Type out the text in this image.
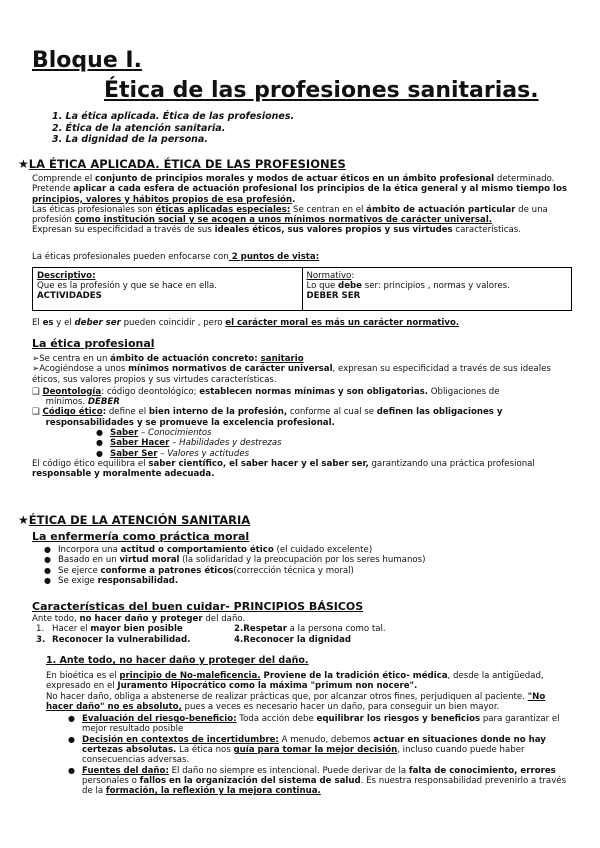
Bloque I.
Ética de las profesiones sanitarias.
1. La ética aplicada. Ética de las profesiones.
2. Ética de la atención sanitaria.
3. La dignidad de la persona.
★LA ÉTICA APLICADA. ÉTICA DE LAS PROFESIONES
Comprende el conjunto de principios morales y modos de actuar éticos en un ámbito profesional determinado. Pretende aplicar a cada esfera de actuación profesional los principios de la ética general y al mismo tiempo los principios, valores y hábitos propios de esa profesión.
Las éticas profesionales son éticas aplicadas especiales: Se centran en el ámbito de actuación particular de una profesión como institución social y se acogen a unos mínimos normativos de carácter universal.
Expresan su especificidad a través de sus ideales éticos, sus valores propios y sus virtudes características.
La éticas profesionales pueden enfocarse con 2 puntos de vista:
Descriptivo:
Que es la profesión y que se hace en ella.
ACTIVIDADES
Normativo:
Lo que debe ser: principios , normas y valores.
DEBER SER
El es y el deber ser pueden coincidir , pero el carácter moral es más un carácter normativo.
La ética profesional
➢Se centra en un ámbito de actuación concreto: sanitario
➢Acogiéndose a unos mínimos normativos de carácter universal, expresan su especificidad a través de sus ideales éticos, sus valores propios y sus virtudes características.
❑ Deontología: código deontológico; establecen normas mínimas y son obligatorias. Obligaciones de
mínimos. DEBER
❑ Código ético: define el bien interno de la profesión, conforme al cual se definen las obligaciones y
responsabilidades y se promueve la excelencia profesional.
● Saber – Conocimientos
● Saber Hacer – Habilidades y destrezas
● Saber Ser – Valores y actitudes
El código ético equilibra el saber científico, el saber hacer y el saber ser, garantizando una práctica profesional responsable y moralmente adecuada.
★ÉTICA DE LA ATENCIÓN SANITARIA
La enfermería como práctica moral
● Incorpora una actitud o comportamiento ético (el cuidado excelente)
● Basado en un virtud moral (la solidaridad y la preocupación por los seres humanos)
● Se ejerce conforme a patrones éticos(corrección técnica y moral)
● Se exige responsabilidad.
Características del buen cuidar- PRINCIPIOS BÁSICOS
Ante todo, no hacer daño y proteger del daño.
1. Hacer el mayor bien posible	2.Respetar a la persona como tal.
3. Reconocer la vulnerabilidad.	4.Reconocer la dignidad
1. Ante todo, no hacer daño y proteger del daño.
En bioética es el principio de No-maleficencia. Proviene de la tradición ético- médica, desde la antigüedad, expresado en el Juramento Hipocrático como la máxima "primum non nocere".
No hacer daño, obliga a abstenerse de realizar prácticas que, por alcanzar otros fines, perjudiquen al paciente. "No hacer daño" no es absoluto, pues a veces es necesario hacer un daño, para conseguir un bien mayor.
● Evaluación del riesgo-beneficio: Toda acción debe equilibrar los riesgos y beneficios para garantizar el mejor resultado posible
● Decisión en contextos de incertidumbre: A menudo, debemos actuar en situaciones donde no hay certezas absolutas. La ética nos guía para tomar la mejor decisión, incluso cuando puede haber consecuencias adversas.
● Fuentes del daño: El daño no siempre es intencional. Puede derivar de la falta de conocimiento, errores personales o fallos en la organización del sistema de salud. Es nuestra responsabilidad prevenirlo a través de la formación, la reflexión y la mejora continua.
